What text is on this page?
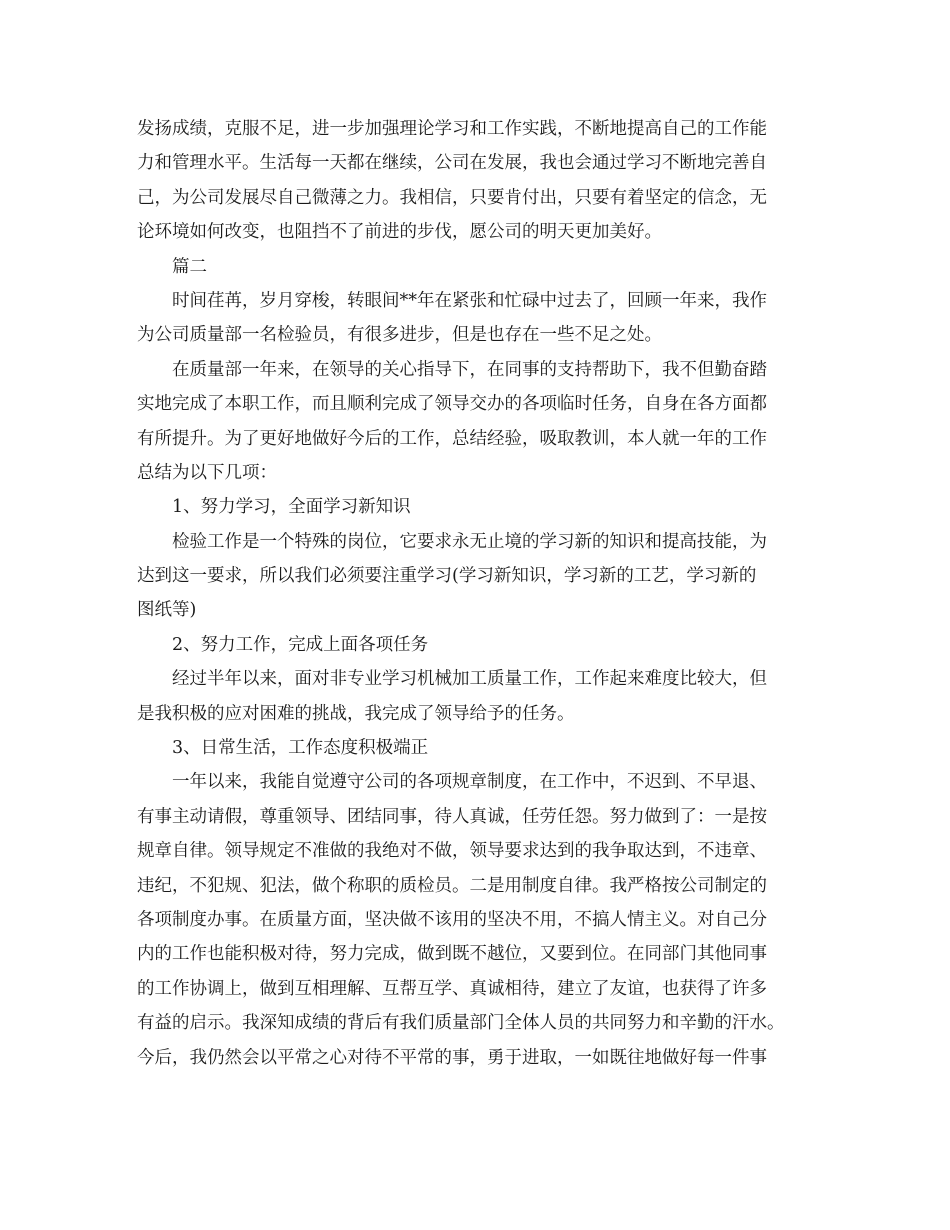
发扬成绩，克服不足，进一步加强理论学习和工作实践，不断地提高自己的工作能
力和管理水平。生活每一天都在继续，公司在发展，我也会通过学习不断地完善自
己，为公司发展尽自己微薄之力。我相信，只要肯付出，只要有着坚定的信念，无
论环境如何改变，也阻挡不了前进的步伐，愿公司的明天更加美好。
篇二
时间荏苒，岁月穿梭，转眼间**年在紧张和忙碌中过去了，回顾一年来，我作
为公司质量部一名检验员，有很多进步，但是也存在一些不足之处。
在质量部一年来，在领导的关心指导下，在同事的支持帮助下，我不但勤奋踏
实地完成了本职工作，而且顺利完成了领导交办的各项临时任务，自身在各方面都
有所提升。为了更好地做好今后的工作，总结经验，吸取教训，本人就一年的工作
总结为以下几项：
1、努力学习，全面学习新知识
检验工作是一个特殊的岗位，它要求永无止境的学习新的知识和提高技能，为
达到这一要求，所以我们必须要注重学习(学习新知识，学习新的工艺，学习新的
图纸等)
2、努力工作，完成上面各项任务
经过半年以来，面对非专业学习机械加工质量工作，工作起来难度比较大，但
是我积极的应对困难的挑战，我完成了领导给予的任务。
3、日常生活，工作态度积极端正
一年以来，我能自觉遵守公司的各项规章制度，在工作中，不迟到、不早退、
有事主动请假，尊重领导、团结同事，待人真诚，任劳任怨。努力做到了：一是按
规章自律。领导规定不准做的我绝对不做，领导要求达到的我争取达到，不违章、
违纪，不犯规、犯法，做个称职的质检员。二是用制度自律。我严格按公司制定的
各项制度办事。在质量方面，坚决做不该用的坚决不用，不搞人情主义。对自己分
内的工作也能积极对待，努力完成，做到既不越位，又要到位。在同部门其他同事
的工作协调上，做到互相理解、互帮互学、真诚相待，建立了友谊，也获得了许多
有益的启示。我深知成绩的背后有我们质量部门全体人员的共同努力和辛勤的汗水。
今后，我仍然会以平常之心对待不平常的事，勇于进取，一如既往地做好每一件事
